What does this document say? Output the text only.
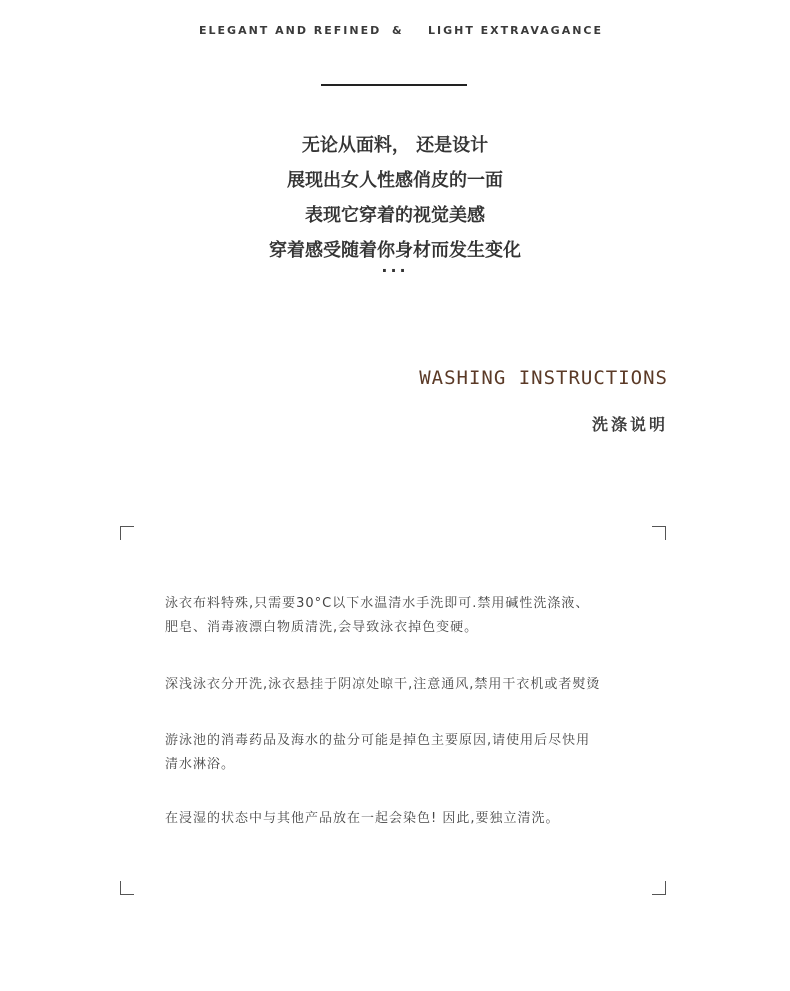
ELEGANT AND REFINED & LIGHT EXTRAVAGANCE
无论从面料， 还是设计
展现出女人性感俏皮的一面
表现它穿着的视觉美感
穿着感受随着你身材而发生变化
···
WASHING INSTRUCTIONS
洗涤说明
泳衣布料特殊,只需要30°C以下水温清水手洗即可.禁用碱性洗涤液、
肥皂、消毒液漂白物质清洗,会导致泳衣掉色变硬。
深浅泳衣分开洗,泳衣悬挂于阴凉处晾干,注意通风,禁用干衣机或者熨烫
游泳池的消毒药品及海水的盐分可能是掉色主要原因,请使用后尽快用
清水淋浴。
在浸湿的状态中与其他产品放在一起会染色! 因此,要独立清洗。
